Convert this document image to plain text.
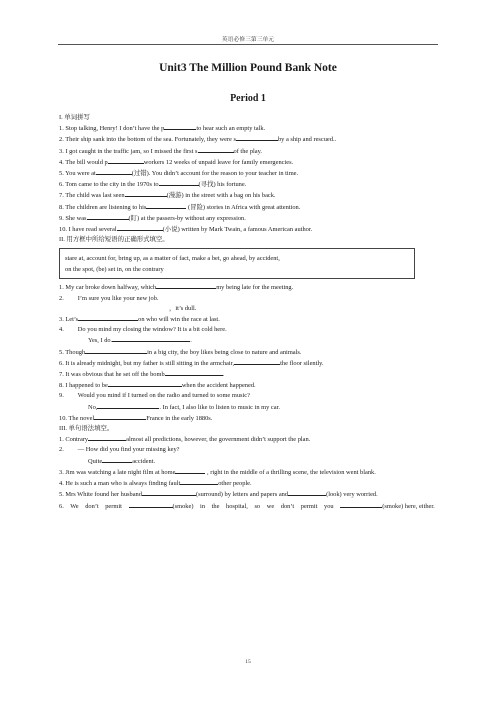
英语必修三第三单元
Unit3 The Million Pound Bank Note
Period 1

I. 单词拼写

1. Stop talking, Henry! I don’t have the p	to hear such an empty talk.

2. Their ship sank into the bottom of the sea. Fortunately, they were s	by a ship and rescued..

3. I got caught in the traffic jam, so I missed the first s	of the play.

4. The bill would p	workers 12 weeks of unpaid leave for family emergencies.

5. You were at	(过错). You didn’t account for the reason to your teacher in time.

6. Tom came to the city in the 1970s to	(寻找) his fortune.

7. The child was last seen	(漫游) in the street with a bag on his back.

8. The children are listening to his	(冒险) stories in Africa with great attention.

9. She was	(盯) at the passers-by without any expression.

10. I have read several	(小说) written by Mark Twain, a famous American author.

II. 用方框中所给短语的正确形式填空。

stare at, account for, bring up, as a matter of fact, make a bet, go ahead, by accident,

on the spot, (be) set in, on the contrary

1. My car broke down halfway, which	my being late for the meeting.

2. I’m sure you like your new job.

，it’s dull.

3. Let’s	on who will win the race at last.

4. Do you mind my closing the window? It is a bit cold here.

Yes, I do.	.

5. Though	in a big city, the boy likes being close to nature and animals.

6. It is already midnight, but my father is still sitting in the armchair,	the floor silently.

7. It was obvious that he set off the bomb	.

8. I happened to be	when the accident happened.

9. Would you mind if I turned on the radio and turned to some music?

No,	. In fact, I also like to listen to music in my car.

10. The novel	France in the early 1880s.

III. 单句语法填空。

1. Contrary	almost all predictions, however, the government didn’t support the plan.

2. — How did you find your missing key?

Quite	accident.

3. Jim was watching a late night film at home	, right in the middle of a thrilling scene, the television went blank.

4. He is such a man who is always finding fault	other people.

5. Mrs White found her husband	(surround) by letters and papers and	(look) very worried.

6. We don’t permit	(smoke) in the hospital, so we don’t permit you	(smoke) here, either.

15
